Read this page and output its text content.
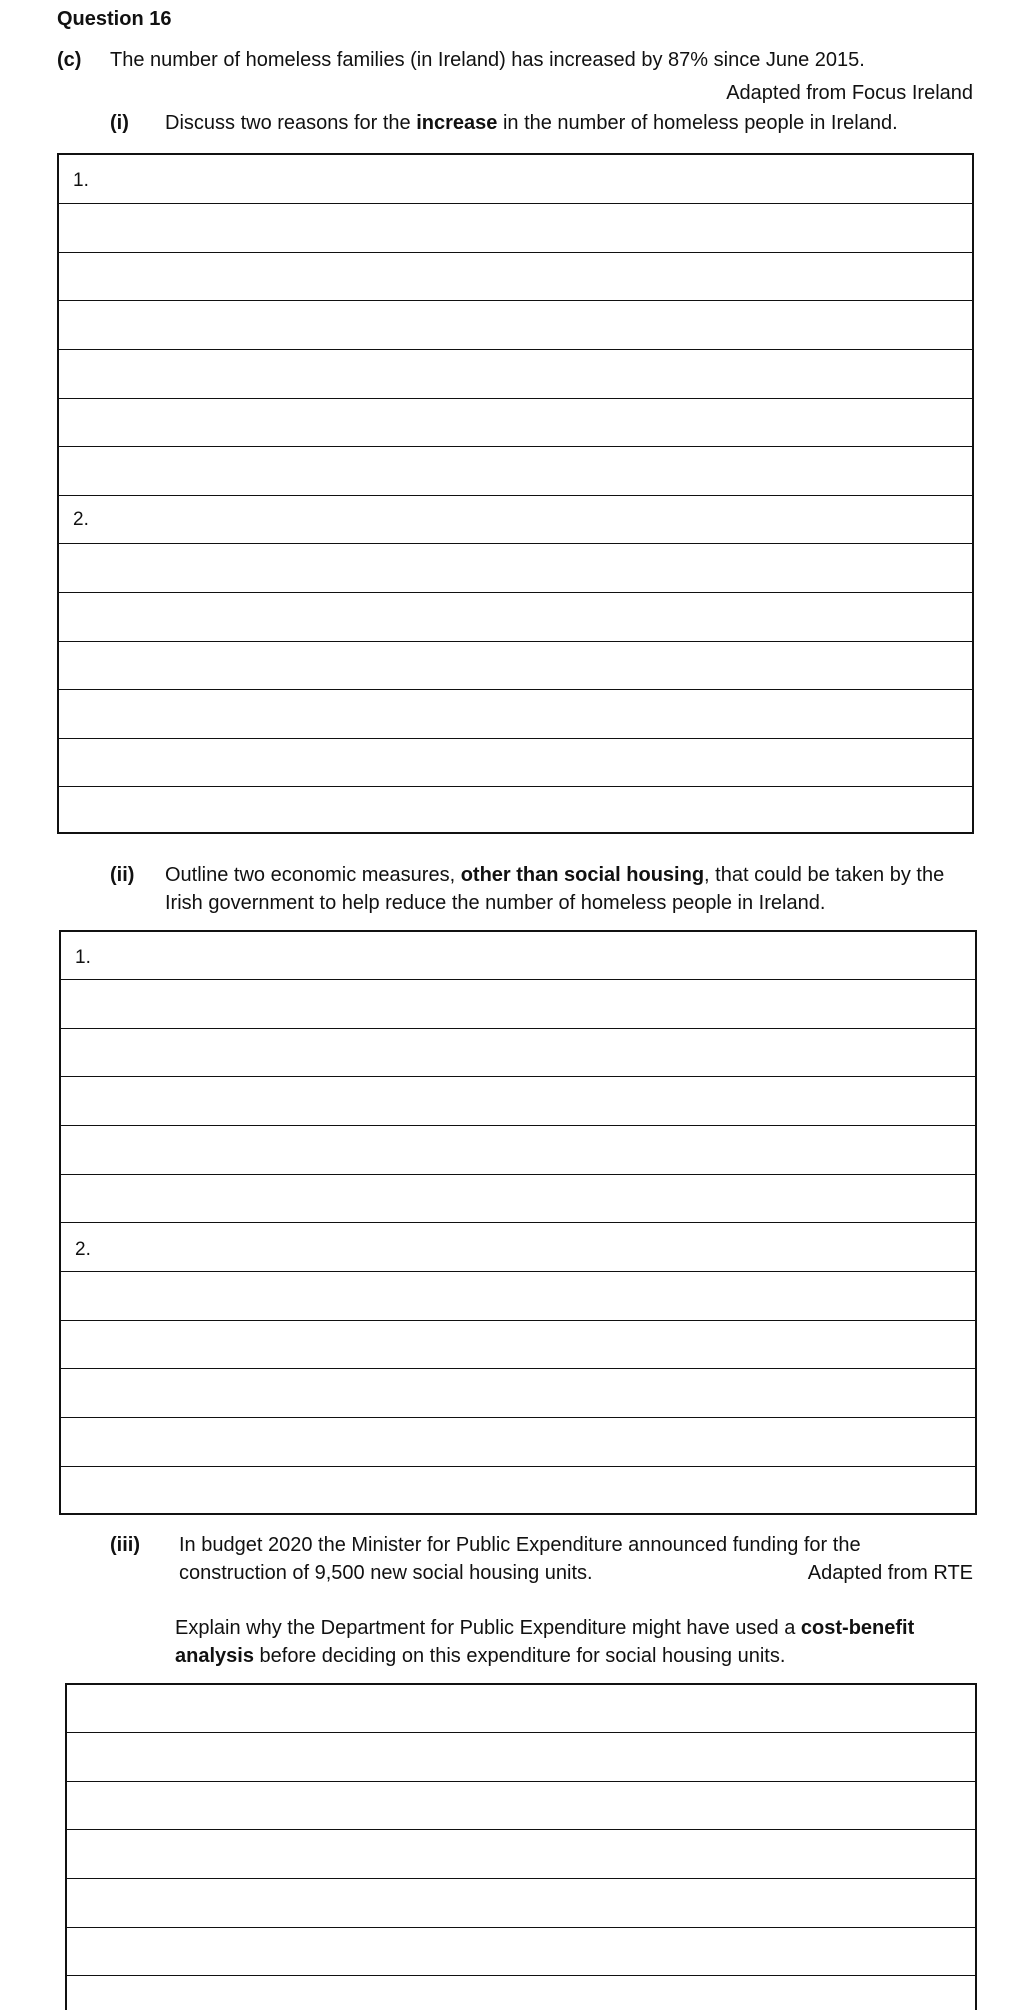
Question 16
(c) The number of homeless families (in Ireland) has increased by 87% since June 2015.
Adapted from Focus Ireland
(i) Discuss two reasons for the increase in the number of homeless people in Ireland.
1.
2.
(ii) Outline two economic measures, other than social housing, that could be taken by the
Irish government to help reduce the number of homeless people in Ireland.
1.
2.
(iii) In budget 2020 the Minister for Public Expenditure announced funding for the
construction of 9,500 new social housing units.	Adapted from RTE
Explain why the Department for Public Expenditure might have used a cost-benefit
analysis before deciding on this expenditure for social housing units.
